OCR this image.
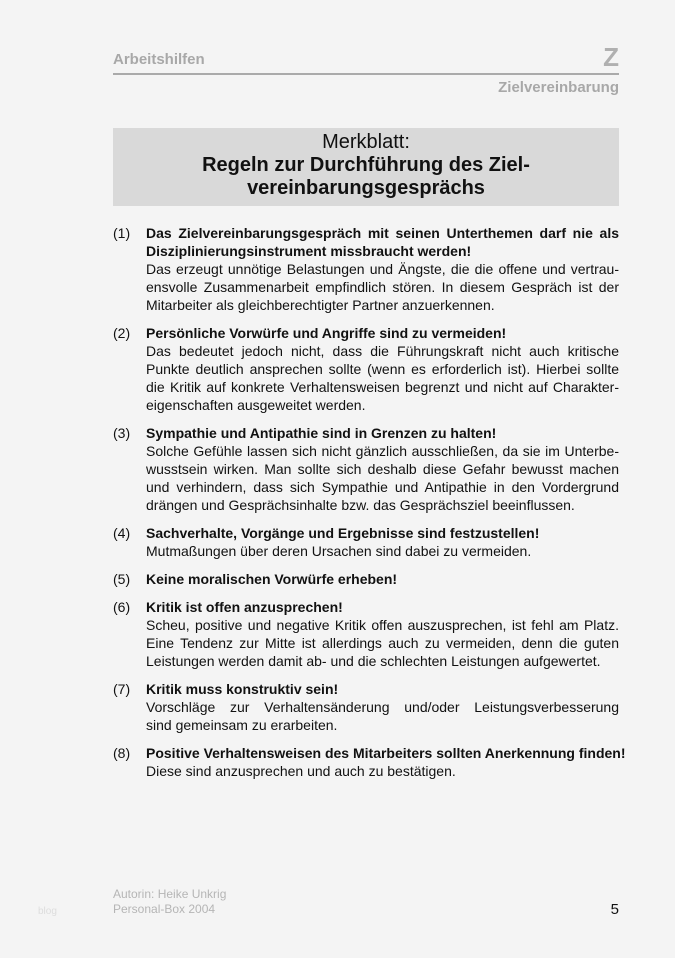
Arbeitshilfen	Z
Zielvereinbarung
Merkblatt:
Regeln zur Durchführung des Ziel-
vereinbarungsgesprächs
(1) Das Zielvereinbarungsgespräch mit seinen Unterthemen darf nie als
Disziplinierungsinstrument missbraucht werden!
Das erzeugt unnötige Belastungen und Ängste, die die offene und vertrau-
ensvolle Zusammenarbeit empfindlich stören. In diesem Gespräch ist der
Mitarbeiter als gleichberechtigter Partner anzuerkennen.
(2) Persönliche Vorwürfe und Angriffe sind zu vermeiden!
Das bedeutet jedoch nicht, dass die Führungskraft nicht auch kritische
Punkte deutlich ansprechen sollte (wenn es erforderlich ist). Hierbei sollte
die Kritik auf konkrete Verhaltensweisen begrenzt und nicht auf Charakter-
eigenschaften ausgeweitet werden.
(3) Sympathie und Antipathie sind in Grenzen zu halten!
Solche Gefühle lassen sich nicht gänzlich ausschließen, da sie im Unterbe-
wusstsein wirken. Man sollte sich deshalb diese Gefahr bewusst machen
und verhindern, dass sich Sympathie und Antipathie in den Vordergrund
drängen und Gesprächsinhalte bzw. das Gesprächsziel beeinflussen.
(4) Sachverhalte, Vorgänge und Ergebnisse sind festzustellen!
Mutmaßungen über deren Ursachen sind dabei zu vermeiden.
(5) Keine moralischen Vorwürfe erheben!
(6) Kritik ist offen anzusprechen!
Scheu, positive und negative Kritik offen auszusprechen, ist fehl am Platz.
Eine Tendenz zur Mitte ist allerdings auch zu vermeiden, denn die guten
Leistungen werden damit ab- und die schlechten Leistungen aufgewertet.
(7) Kritik muss konstruktiv sein!
Vorschläge zur Verhaltensänderung und/oder Leistungsverbesserung
sind gemeinsam zu erarbeiten.
(8) Positive Verhaltensweisen des Mitarbeiters sollten Anerkennung finden!
Diese sind anzusprechen und auch zu bestätigen.
blog
Autorin: Heike Unkrig
Personal-Box 2004	5
